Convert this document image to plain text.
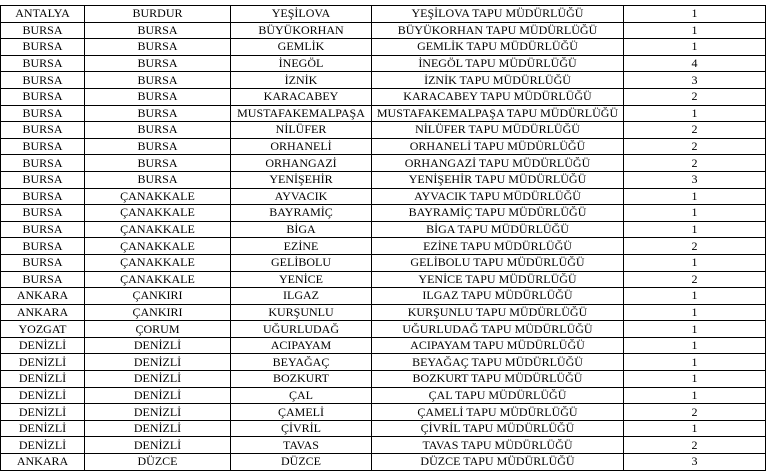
ANTALYA	BURDUR	YEŞİLOVA	YEŞİLOVA TAPU MÜDÜRLÜĞÜ	1
BURSA	BURSA	BÜYÜKORHAN	BÜYÜKORHAN TAPU MÜDÜRLÜĞÜ	1
BURSA	BURSA	GEMLİK	GEMLİK TAPU MÜDÜRLÜĞÜ	1
BURSA	BURSA	İNEGÖL	İNEGÖL TAPU MÜDÜRLÜĞÜ	4
BURSA	BURSA	İZNİK	İZNİK TAPU MÜDÜRLÜĞÜ	3
BURSA	BURSA	KARACABEY	KARACABEY TAPU MÜDÜRLÜĞÜ	2
BURSA	BURSA	MUSTAFAKEMALPAŞA	MUSTAFAKEMALPAŞA TAPU MÜDÜRLÜĞÜ	1
BURSA	BURSA	NİLÜFER	NİLÜFER TAPU MÜDÜRLÜĞÜ	2
BURSA	BURSA	ORHANELİ	ORHANELİ TAPU MÜDÜRLÜĞÜ	2
BURSA	BURSA	ORHANGAZİ	ORHANGAZİ TAPU MÜDÜRLÜĞÜ	2
BURSA	BURSA	YENİŞEHİR	YENİŞEHİR TAPU MÜDÜRLÜĞÜ	3
BURSA	ÇANAKKALE	AYVACIK	AYVACIK TAPU MÜDÜRLÜĞÜ	1
BURSA	ÇANAKKALE	BAYRAMİÇ	BAYRAMİÇ TAPU MÜDÜRLÜĞÜ	1
BURSA	ÇANAKKALE	BİGA	BİGA TAPU MÜDÜRLÜĞÜ	1
BURSA	ÇANAKKALE	EZİNE	EZİNE TAPU MÜDÜRLÜĞÜ	2
BURSA	ÇANAKKALE	GELİBOLU	GELİBOLU TAPU MÜDÜRLÜĞÜ	1
BURSA	ÇANAKKALE	YENİCE	YENİCE TAPU MÜDÜRLÜĞÜ	2
ANKARA	ÇANKIRI	ILGAZ	ILGAZ TAPU MÜDÜRLÜĞÜ	1
ANKARA	ÇANKIRI	KURŞUNLU	KURŞUNLU TAPU MÜDÜRLÜĞÜ	1
YOZGAT	ÇORUM	UĞURLUDAĞ	UĞURLUDAĞ TAPU MÜDÜRLÜĞÜ	1
DENİZLİ	DENİZLİ	ACIPAYAM	ACIPAYAM TAPU MÜDÜRLÜĞÜ	1
DENİZLİ	DENİZLİ	BEYAĞAÇ	BEYAĞAÇ TAPU MÜDÜRLÜĞÜ	1
DENİZLİ	DENİZLİ	BOZKURT	BOZKURT TAPU MÜDÜRLÜĞÜ	1
DENİZLİ	DENİZLİ	ÇAL	ÇAL TAPU MÜDÜRLÜĞÜ	1
DENİZLİ	DENİZLİ	ÇAMELİ	ÇAMELİ TAPU MÜDÜRLÜĞÜ	2
DENİZLİ	DENİZLİ	ÇİVRİL	ÇİVRİL TAPU MÜDÜRLÜĞÜ	1
DENİZLİ	DENİZLİ	TAVAS	TAVAS TAPU MÜDÜRLÜĞÜ	2
ANKARA	DÜZCE	DÜZCE	DÜZCE TAPU MÜDÜRLÜĞÜ	3
